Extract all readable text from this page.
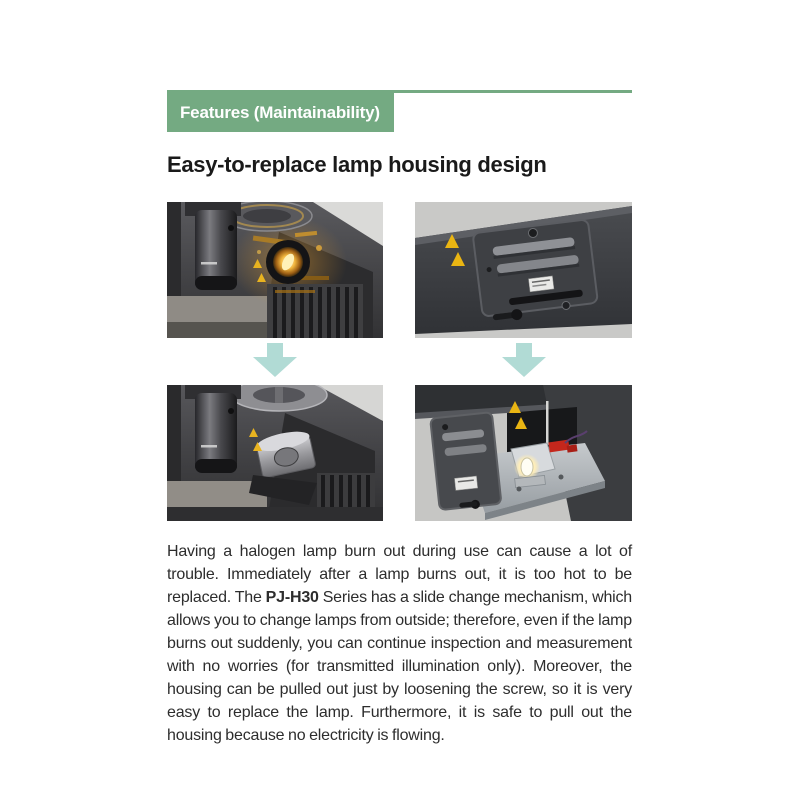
Features (Maintainability)
Easy-to-replace lamp housing design

Having a halogen lamp burn out during use can cause a lot of trouble. Immediately after a lamp burns out, it is too hot to be replaced. The PJ-H30 Series has a slide change mechanism, which allows you to change lamps from outside; therefore, even if the lamp burns out suddenly, you can continue inspection and measurement with no worries (for transmitted illumination only). Moreover, the housing can be pulled out just by loosening the screw, so it is very easy to replace the lamp. Furthermore, it is safe to pull out the housing because no electricity is flowing.
